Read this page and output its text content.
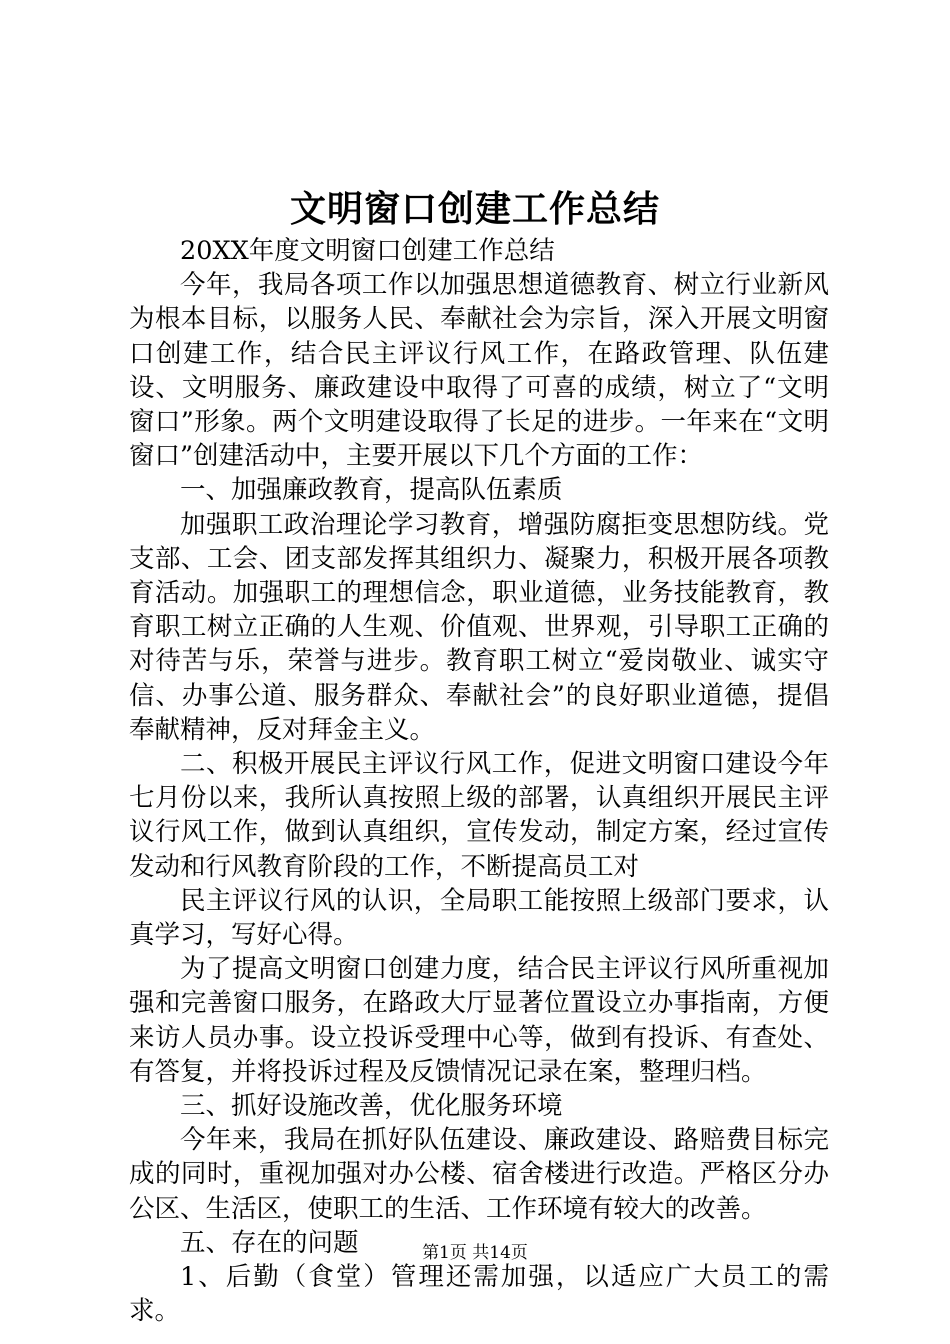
文明窗口创建工作总结

20XX年度文明窗口创建工作总结

今年，我局各项工作以加强思想道德教育、树立行业新风为根本目标，以服务人民、奉献社会为宗旨，深入开展文明窗口创建工作，结合民主评议行风工作，在路政管理、队伍建设、文明服务、廉政建设中取得了可喜的成绩，树立了“文明窗口”形象。两个文明建设取得了长足的进步。一年来在“文明窗口”创建活动中，主要开展以下几个方面的工作：

一、加强廉政教育，提高队伍素质

加强职工政治理论学习教育，增强防腐拒变思想防线。党支部、工会、团支部发挥其组织力、凝聚力，积极开展各项教育活动。加强职工的理想信念，职业道德，业务技能教育，教育职工树立正确的人生观、价值观、世界观，引导职工正确的对待苦与乐，荣誉与进步。教育职工树立“爱岗敬业、诚实守信、办事公道、服务群众、奉献社会”的良好职业道德，提倡奉献精神，反对拜金主义。

二、积极开展民主评议行风工作，促进文明窗口建设今年七月份以来，我所认真按照上级的部署，认真组织开展民主评议行风工作，做到认真组织，宣传发动，制定方案，经过宣传发动和行风教育阶段的工作，不断提高员工对

民主评议行风的认识，全局职工能按照上级部门要求，认真学习，写好心得。

为了提高文明窗口创建力度，结合民主评议行风所重视加强和完善窗口服务，在路政大厅显著位置设立办事指南，方便来访人员办事。设立投诉受理中心等，做到有投诉、有查处、有答复，并将投诉过程及反馈情况记录在案，整理归档。

三、抓好设施改善，优化服务环境

今年来，我局在抓好队伍建设、廉政建设、路赔费目标完成的同时，重视加强对办公楼、宿舍楼进行改造。严格区分办公区、生活区，使职工的生活、工作环境有较大的改善。

五、存在的问题

1、后勤（食堂）管理还需加强，以适应广大员工的需求。

第1页 共14页
